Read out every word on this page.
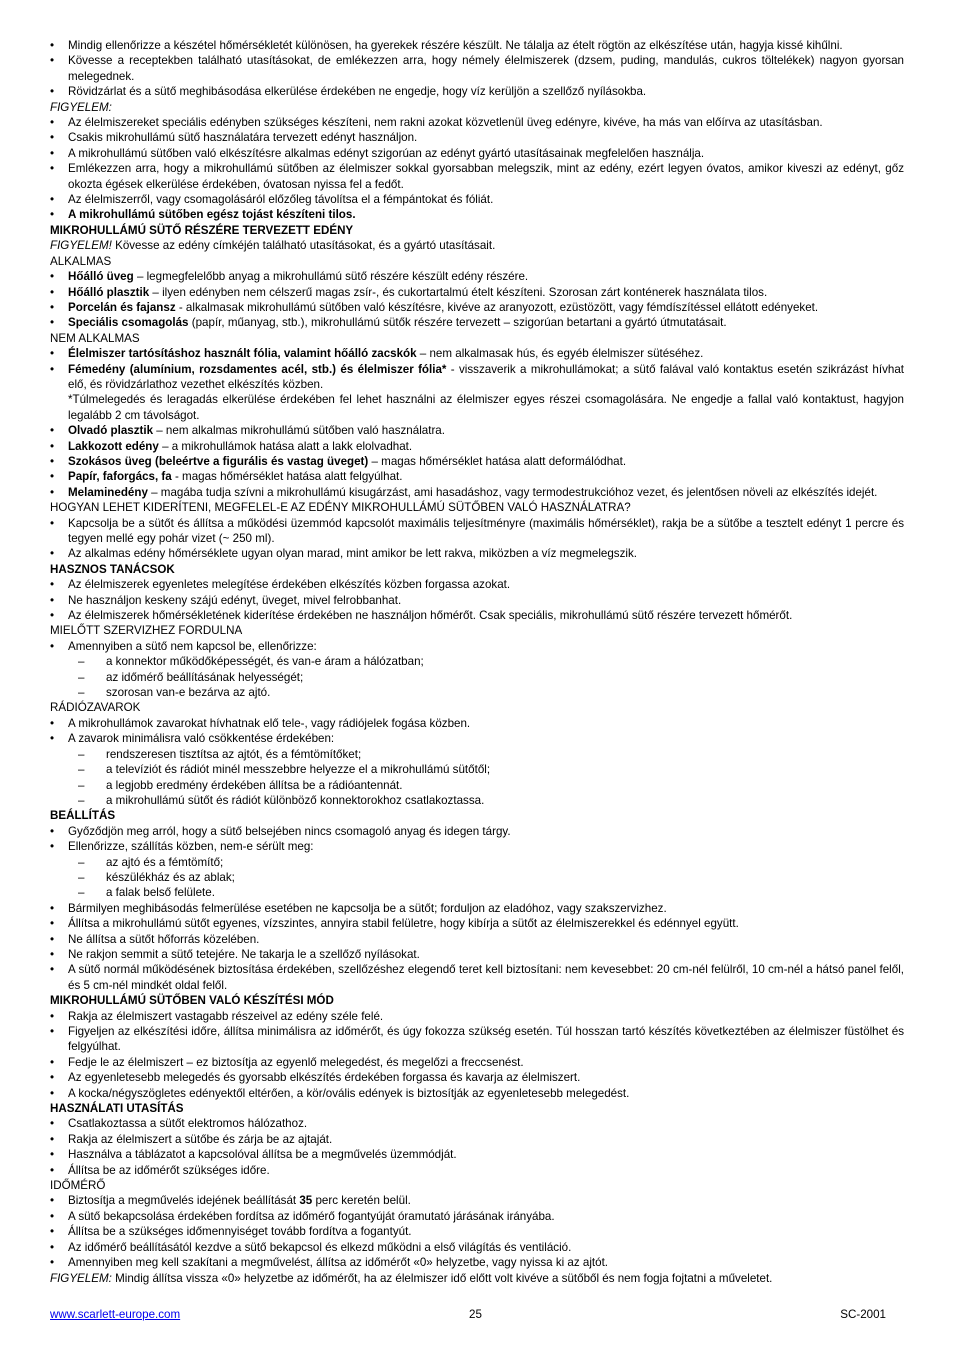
• Mindig ellenőrizze a készétel hőmérsékletét különösen, ha gyerekek részére készült. Ne tálalja az ételt rögtön az elkészítése után, hagyja kissé kihűlni.
• Kövesse a receptekben található utasításokat, de emlékezzen arra, hogy némely élelmiszerek (dzsem, puding, mandulás, cukros töltelékek) nagyon gyorsan melegednek.
• Rövidzárlat és a sütő meghibásodása elkerülése érdekében ne engedje, hogy víz kerüljön a szellőző nyílásokba.
FIGYELEM:
• Az élelmiszereket speciális edényben szükséges készíteni, nem rakni azokat közvetlenül üveg edényre, kivéve, ha más van előírva az utasításban.
• Csakis mikrohullámú sütő használatára tervezett edényt használjon.
• A mikrohullámú sütőben való elkészítésre alkalmas edényt szigorúan az edényt gyártó utasításainak megfelelően használja.
• Emlékezzen arra, hogy a mikrohullámú sütőben az élelmiszer sokkal gyorsabban melegszik, mint az edény, ezért legyen óvatos, amikor kiveszi az edényt, gőz okozta égések elkerülése érdekében, óvatosan nyissa fel a fedőt.
• Az élelmiszerről, vagy csomagolásáról előzőleg távolítsa el a fémpántokat és fóliát.
• A mikrohullámú sütőben egész tojást készíteni tilos.
MIKROHULLÁMÚ SÜTŐ RÉSZÉRE TERVEZETT EDÉNY
FIGYELEM! Kövesse az edény címkéjén található utasításokat, és a gyártó utasításait.
ALKALMAS
• Hőálló üveg – legmegfelelőbb anyag a mikrohullámú sütő részére készült edény részére.
• Hőálló plasztik – ilyen edényben nem célszerű magas zsír-, és cukortartalmú ételt készíteni. Szorosan zárt konténerek használata tilos.
• Porcelán és fajansz - alkalmasak mikrohullámú sütőben való készítésre, kivéve az aranyozott, ezüstözött, vagy fémdíszítéssel ellátott edényeket.
• Speciális csomagolás (papír, műanyag, stb.), mikrohullámú sütők részére tervezett – szigorúan betartani a gyártó útmutatásait.
NEM ALKALMAS
• Élelmiszer tartósításhoz használt fólia, valamint hőálló zacskók – nem alkalmasak hús, és egyéb élelmiszer sütéséhez.
• Fémedény (alumínium, rozsdamentes acél, stb.) és élelmiszer fólia* - visszaverik a mikrohullámokat; a sütő falával való kontaktus esetén szikrázást hívhat elő, és rövidzárlathoz vezethet elkészítés közben.
*Túlmelegedés és leragadás elkerülése érdekében fel lehet használni az élelmiszer egyes részei csomagolására. Ne engedje a fallal való kontaktust, hagyjon legalább 2 cm távolságot.
• Olvadó plasztik – nem alkalmas mikrohullámú sütőben való használatra.
• Lakkozott edény – a mikrohullámok hatása alatt a lakk elolvadhat.
• Szokásos üveg (beleértve a figurális és vastag üveget) – magas hőmérséklet hatása alatt deformálódhat.
• Papír, faforgács, fa - magas hőmérséklet hatása alatt felgyúlhat.
• Melaminedény – magába tudja szívni a mikrohullámú kisugárzást, ami hasadáshoz, vagy termodestrukcióhoz vezet, és jelentősen növeli az elkészítés idejét.
HOGYAN LEHET KIDERÍTENI, MEGFELEL-E AZ EDÉNY MIKROHULLÁMÚ SÜTŐBEN VALÓ HASZNÁLATRA?
• Kapcsolja be a sütőt és állítsa a működési üzemmód kapcsolót maximális teljesítményre (maximális hőmérséklet), rakja be a sütőbe a tesztelt edényt 1 percre és tegyen mellé egy pohár vizet (~ 250 ml).
• Az alkalmas edény hőmérséklete ugyan olyan marad, mint amikor be lett rakva, miközben a víz megmelegszik.
HASZNOS TANÁCSOK
• Az élelmiszerek egyenletes melegítése érdekében elkészítés közben forgassa azokat.
• Ne használjon keskeny szájú edényt, üveget, mivel felrobbanhat.
• Az élelmiszerek hőmérsékletének kiderítése érdekében ne használjon hőmérőt. Csak speciális, mikrohullámú sütő részére tervezett hőmérőt.
MIELŐTT SZERVIZHEZ FORDULNA
• Amennyiben a sütő nem kapcsol be, ellenőrizze:
– a konnektor működőképességét, és van-e áram a hálózatban;
– az időmérő beállításának helyességét;
– szorosan van-e bezárva az ajtó.
RÁDIÓZAVAROK
• A mikrohullámok zavarokat hívhatnak elő tele-, vagy rádiójelek fogása közben.
• A zavarok minimálisra való csökkentése érdekében:
– rendszeresen tisztítsa az ajtót, és a fémtömítőket;
– a televíziót és rádiót minél messzebbre helyezze el a mikrohullámú sütőtől;
– a legjobb eredmény érdekében állítsa be a rádióantennát.
– a mikrohullámú sütőt és rádiót különböző konnektorokhoz csatlakoztassa.
BEÁLLÍTÁS
• Győződjön meg arról, hogy a sütő belsejében nincs csomagoló anyag és idegen tárgy.
• Ellenőrizze, szállítás közben, nem-e sérült meg:
– az ajtó és a fémtömítő;
– készülékház és az ablak;
– a falak belső felülete.
• Bármilyen meghibásodás felmerülése esetében ne kapcsolja be a sütőt; forduljon az eladóhoz, vagy szakszervizhez.
• Állítsa a mikrohullámú sütőt egyenes, vízszintes, annyira stabil felületre, hogy kibírja a sütőt az élelmiszerekkel és edénnyel együtt.
• Ne állítsa a sütőt hőforrás közelében.
• Ne rakjon semmit a sütő tetejére. Ne takarja le a szellőző nyílásokat.
• A sütő normál működésének biztosítása érdekében, szellőzéshez elegendő teret kell biztosítani: nem kevesebbet: 20 cm-nél felülről, 10 cm-nél a hátsó panel felől, és 5 cm-nél mindkét oldal felől.
MIKROHULLÁMÚ SÜTŐBEN VALÓ KÉSZÍTÉSI MÓD
• Rakja az élelmiszert vastagabb részeivel az edény széle felé.
• Figyeljen az elkészítési időre, állítsa minimálisra az időmérőt, és úgy fokozza szükség esetén. Túl hosszan tartó készítés következtében az élelmiszer füstölhet és felgyúlhat.
• Fedje le az élelmiszert – ez biztosítja az egyenlő melegedést, és megelőzi a freccsenést.
• Az egyenletesebb melegedés és gyorsabb elkészítés érdekében forgassa és kavarja az élelmiszert.
• A kocka/négyszögletes edényektől eltérően, a kör/ovális edények is biztosítják az egyenletesebb melegedést.
HASZNÁLATI UTASÍTÁS
• Csatlakoztassa a sütőt elektromos hálózathoz.
• Rakja az élelmiszert a sütőbe és zárja be az ajtaját.
• Használva a táblázatot a kapcsolóval állítsa be a megművelés üzemmódját.
• Állítsa be az időmérőt szükséges időre.
IDŐMÉRŐ
• Biztosítja a megművelés idejének beállítását 35 perc keretén belül.
• A sütő bekapcsolása érdekében fordítsa az időmérő fogantyúját óramutató járásának irányába.
• Állítsa be a szükséges időmennyiséget tovább fordítva a fogantyút.
• Az időmérő beállításától kezdve a sütő bekapcsol és elkezd működni a első világítás és ventiláció.
• Amennyiben meg kell szakítani a megművelést, állítsa az időmérőt «0» helyzetbe, vagy nyissa ki az ajtót.
FIGYELEM: Mindig állítsa vissza «0» helyzetbe az időmérőt, ha az élelmiszer idő előtt volt kivéve a sütőből és nem fogja fojtatni a műveletet.
www.scarlett-europe.com	25	SC-2001
